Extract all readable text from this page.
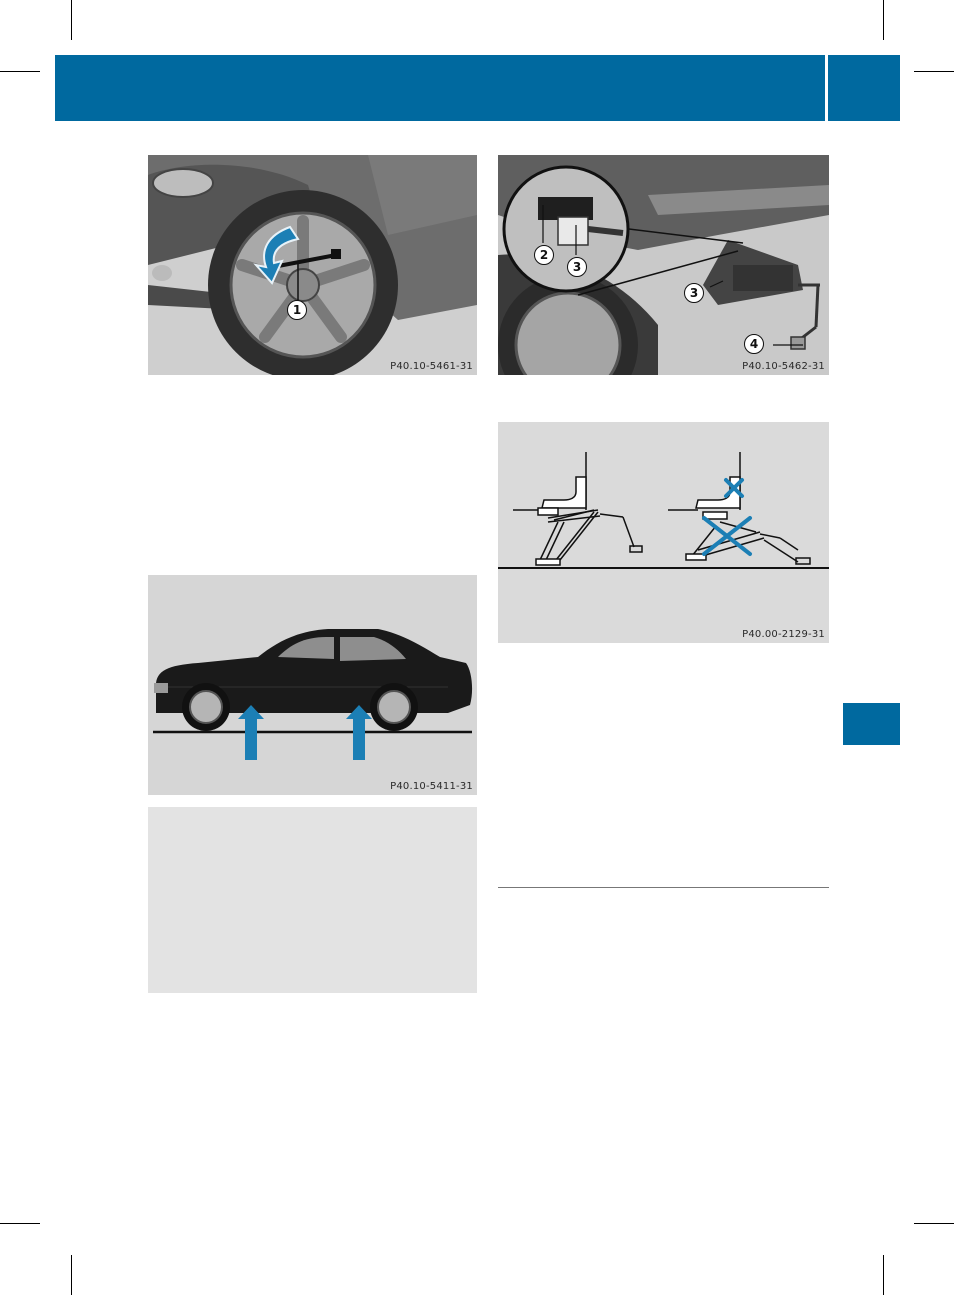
1
P40.10-5461-31
2
3
3
4
P40.10-5462-31
P40.00-2129-31
P40.10-5411-31
